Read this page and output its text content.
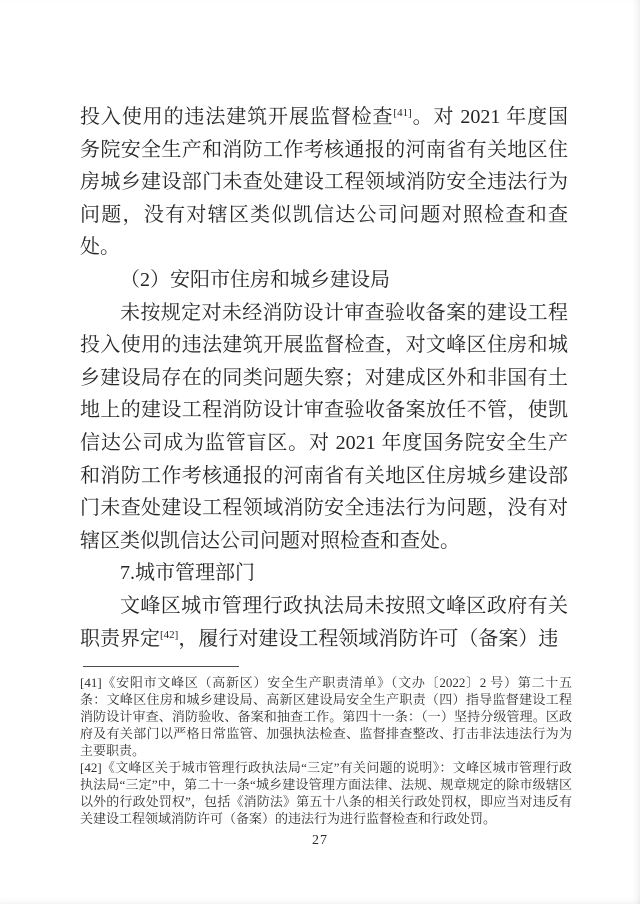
投入使用的违法建筑开展监督检查[41]。对 2021 年度国务院安全生产和消防工作考核通报的河南省有关地区住房城乡建设部门未查处建设工程领域消防安全违法行为问题，没有对辖区类似凯信达公司问题对照检查和查处。

（2）安阳市住房和城乡建设局

未按规定对未经消防设计审查验收备案的建设工程投入使用的违法建筑开展监督检查，对文峰区住房和城乡建设局存在的同类问题失察；对建成区外和非国有土地上的建设工程消防设计审查验收备案放任不管，使凯信达公司成为监管盲区。对 2021 年度国务院安全生产和消防工作考核通报的河南省有关地区住房城乡建设部门未查处建设工程领域消防安全违法行为问题，没有对辖区类似凯信达公司问题对照检查和查处。

7.城市管理部门

文峰区城市管理行政执法局未按照文峰区政府有关职责界定[42]，履行对建设工程领域消防许可（备案）违

[41]《安阳市文峰区（高新区）安全生产职责清单》（文办〔2022〕2 号）第二十五条：文峰区住房和城乡建设局、高新区建设局安全生产职责（四）指导监督建设工程消防设计审查、消防验收、备案和抽查工作。第四十一条：（一）坚持分级管理。区政府及有关部门以严格日常监管、加强执法检查、监督排查整改、打击非法违法行为为主要职责。

[42]《文峰区关于城市管理行政执法局“三定”有关问题的说明》：文峰区城市管理行政执法局“三定”中，第二十一条“城乡建设管理方面法律、法规、规章规定的除市级辖区以外的行政处罚权”，包括《消防法》第五十八条的相关行政处罚权，即应当对违反有关建设工程领域消防许可（备案）的违法行为进行监督检查和行政处罚。

27
